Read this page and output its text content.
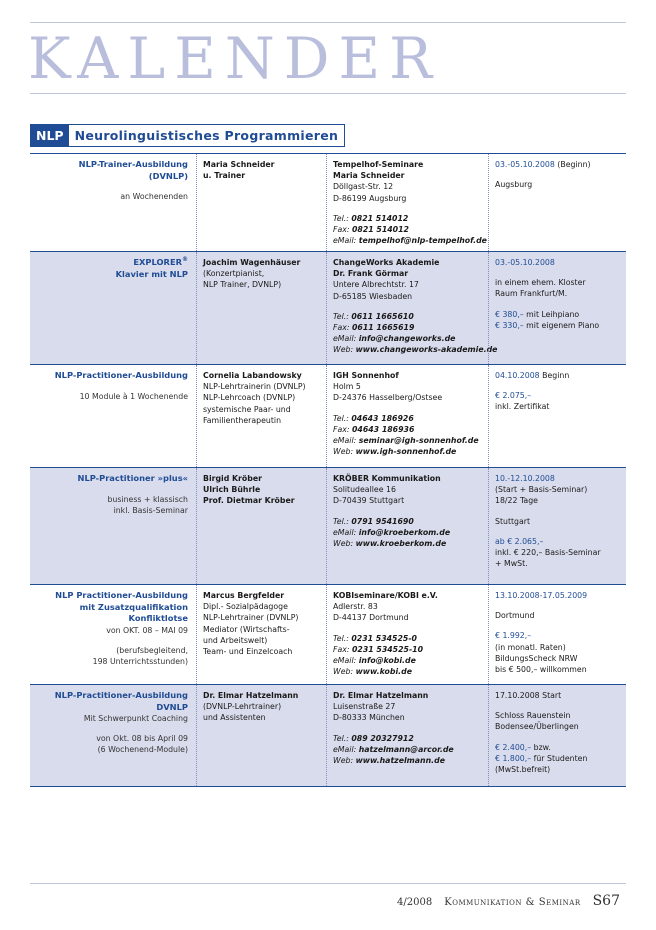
KALENDER
NLP Neurolinguistisches Programmieren
NLP-Trainer-Ausbildung
(DVNLP)
an Wochenenden
Maria Schneider
u. Trainer
Tempelhof-Seminare
Maria Schneider
Döllgast-Str. 12
D-86199 Augsburg
Tel.: 0821 514012
Fax: 0821 514012
eMail: tempelhof@nlp-tempelhof.de
03.-05.10.2008 (Beginn)
Augsburg
EXPLORER®
Klavier mit NLP
Joachim Wagenhäuser
(Konzertpianist,
NLP Trainer, DVNLP)
ChangeWorks Akademie
Dr. Frank Görmar
Untere Albrechtstr. 17
D-65185 Wiesbaden
Tel.: 0611 1665610
Fax: 0611 1665619
eMail: info@changeworks.de
Web: www.changeworks-akademie.de
03.-05.10.2008
in einem ehem. Kloster
Raum Frankfurt/M.
€ 380,– mit Leihpiano
€ 330,– mit eigenem Piano
NLP-Practitioner-Ausbildung
10 Module à 1 Wochenende
Cornelia Labandowsky
NLP-Lehrtrainerin (DVNLP)
NLP-Lehrcoach (DVNLP)
systemische Paar- und
Familientherapeutin
IGH Sonnenhof
Holm 5
D-24376 Hasselberg/Ostsee
Tel.: 04643 186926
Fax: 04643 186936
eMail: seminar@igh-sonnenhof.de
Web: www.igh-sonnenhof.de
04.10.2008 Beginn
€ 2.075,–
inkl. Zertifikat
NLP-Practitioner »plus«
business + klassisch
inkl. Basis-Seminar
Birgid Kröber
Ulrich Bührle
Prof. Dietmar Kröber
KRÖBER Kommunikation
Solitudeallee 16
D-70439 Stuttgart
Tel.: 0791 9541690
eMail: info@kroeberkom.de
Web: www.kroeberkom.de
10.-12.10.2008
(Start + Basis-Seminar)
18/22 Tage
Stuttgart
ab € 2.065,–
inkl. € 220,– Basis-Seminar
+ MwSt.
NLP Practitioner-Ausbildung
mit Zusatzqualifikation
Konfliktlotse
von OKT. 08 – MAI 09
(berufsbegleitend,
198 Unterrichtsstunden)
Marcus Bergfelder
Dipl.- Sozialpädagoge
NLP-Lehrtrainer (DVNLP)
Mediator (Wirtschafts-
und Arbeitswelt)
Team- und Einzelcoach
KOBIseminare/KOBI e.V.
Adlerstr. 83
D-44137 Dortmund
Tel.: 0231 534525-0
Fax: 0231 534525-10
eMail: info@kobi.de
Web: www.kobi.de
13.10.2008-17.05.2009
Dortmund
€ 1.992,–
(in monatl. Raten)
BildungsScheck NRW
bis € 500,– willkommen
NLP-Practitioner-Ausbildung
DVNLP
Mit Schwerpunkt Coaching
von Okt. 08 bis April 09
(6 Wochenend-Module)
Dr. Elmar Hatzelmann
(DVNLP-Lehrtrainer)
und Assistenten
Dr. Elmar Hatzelmann
Luisenstraße 27
D-80333 München
Tel.: 089 20327912
eMail: hatzelmann@arcor.de
Web: www.hatzelmann.de
17.10.2008 Start
Schloss Rauenstein
Bodensee/Überlingen
€ 2.400,– bzw.
€ 1.800,– für Studenten
(MwSt.befreit)
4/2008 Kommunikation & Seminar S67
